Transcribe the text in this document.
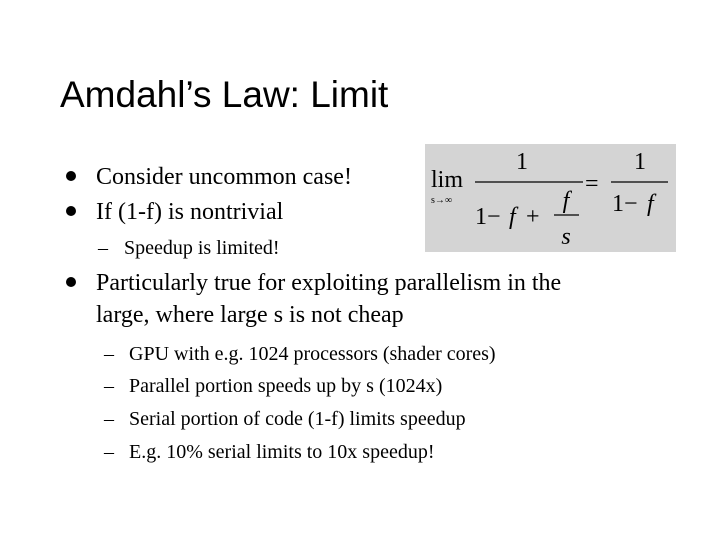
Amdahl’s Law: Limit
Consider uncommon case!
If (1-f) is nontrivial
– Speedup is limited!
Particularly true for exploiting parallelism in the
large, where large s is not cheap
– GPU with e.g. 1024 processors (shader cores)
– Parallel portion speeds up by s (1024x)
– Serial portion of code (1-f) limits speedup
– E.g. 10% serial limits to 10x speedup!
lim
s→∞
1
1− f +
f
s
=
1
1− f
